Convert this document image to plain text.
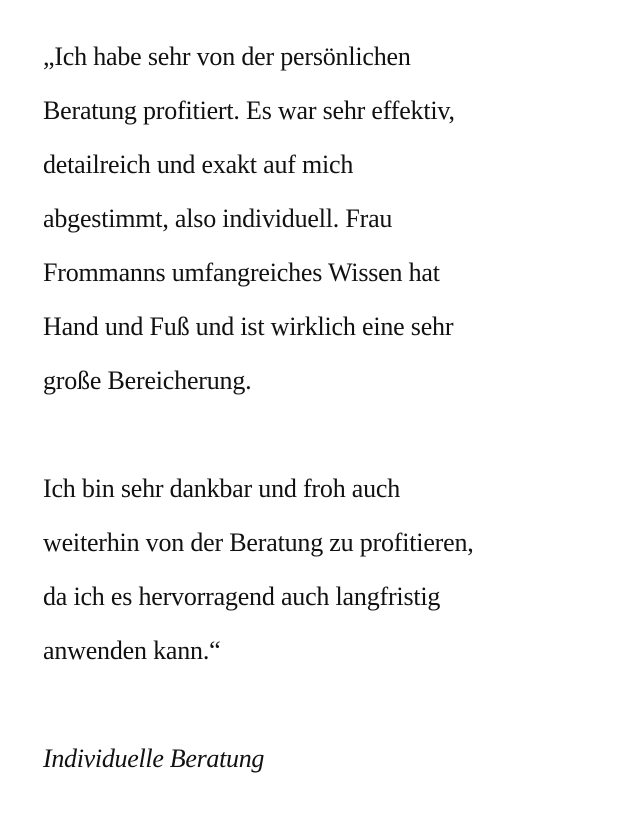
„Ich habe sehr von der persönlichen
Beratung profitiert. Es war sehr effektiv,
detailreich und exakt auf mich
abgestimmt, also individuell. Frau
Frommanns umfangreiches Wissen hat
Hand und Fuß und ist wirklich eine sehr
große Bereicherung.

Ich bin sehr dankbar und froh auch
weiterhin von der Beratung zu profitieren,
da ich es hervorragend auch langfristig
anwenden kann.“

Individuelle Beratung
